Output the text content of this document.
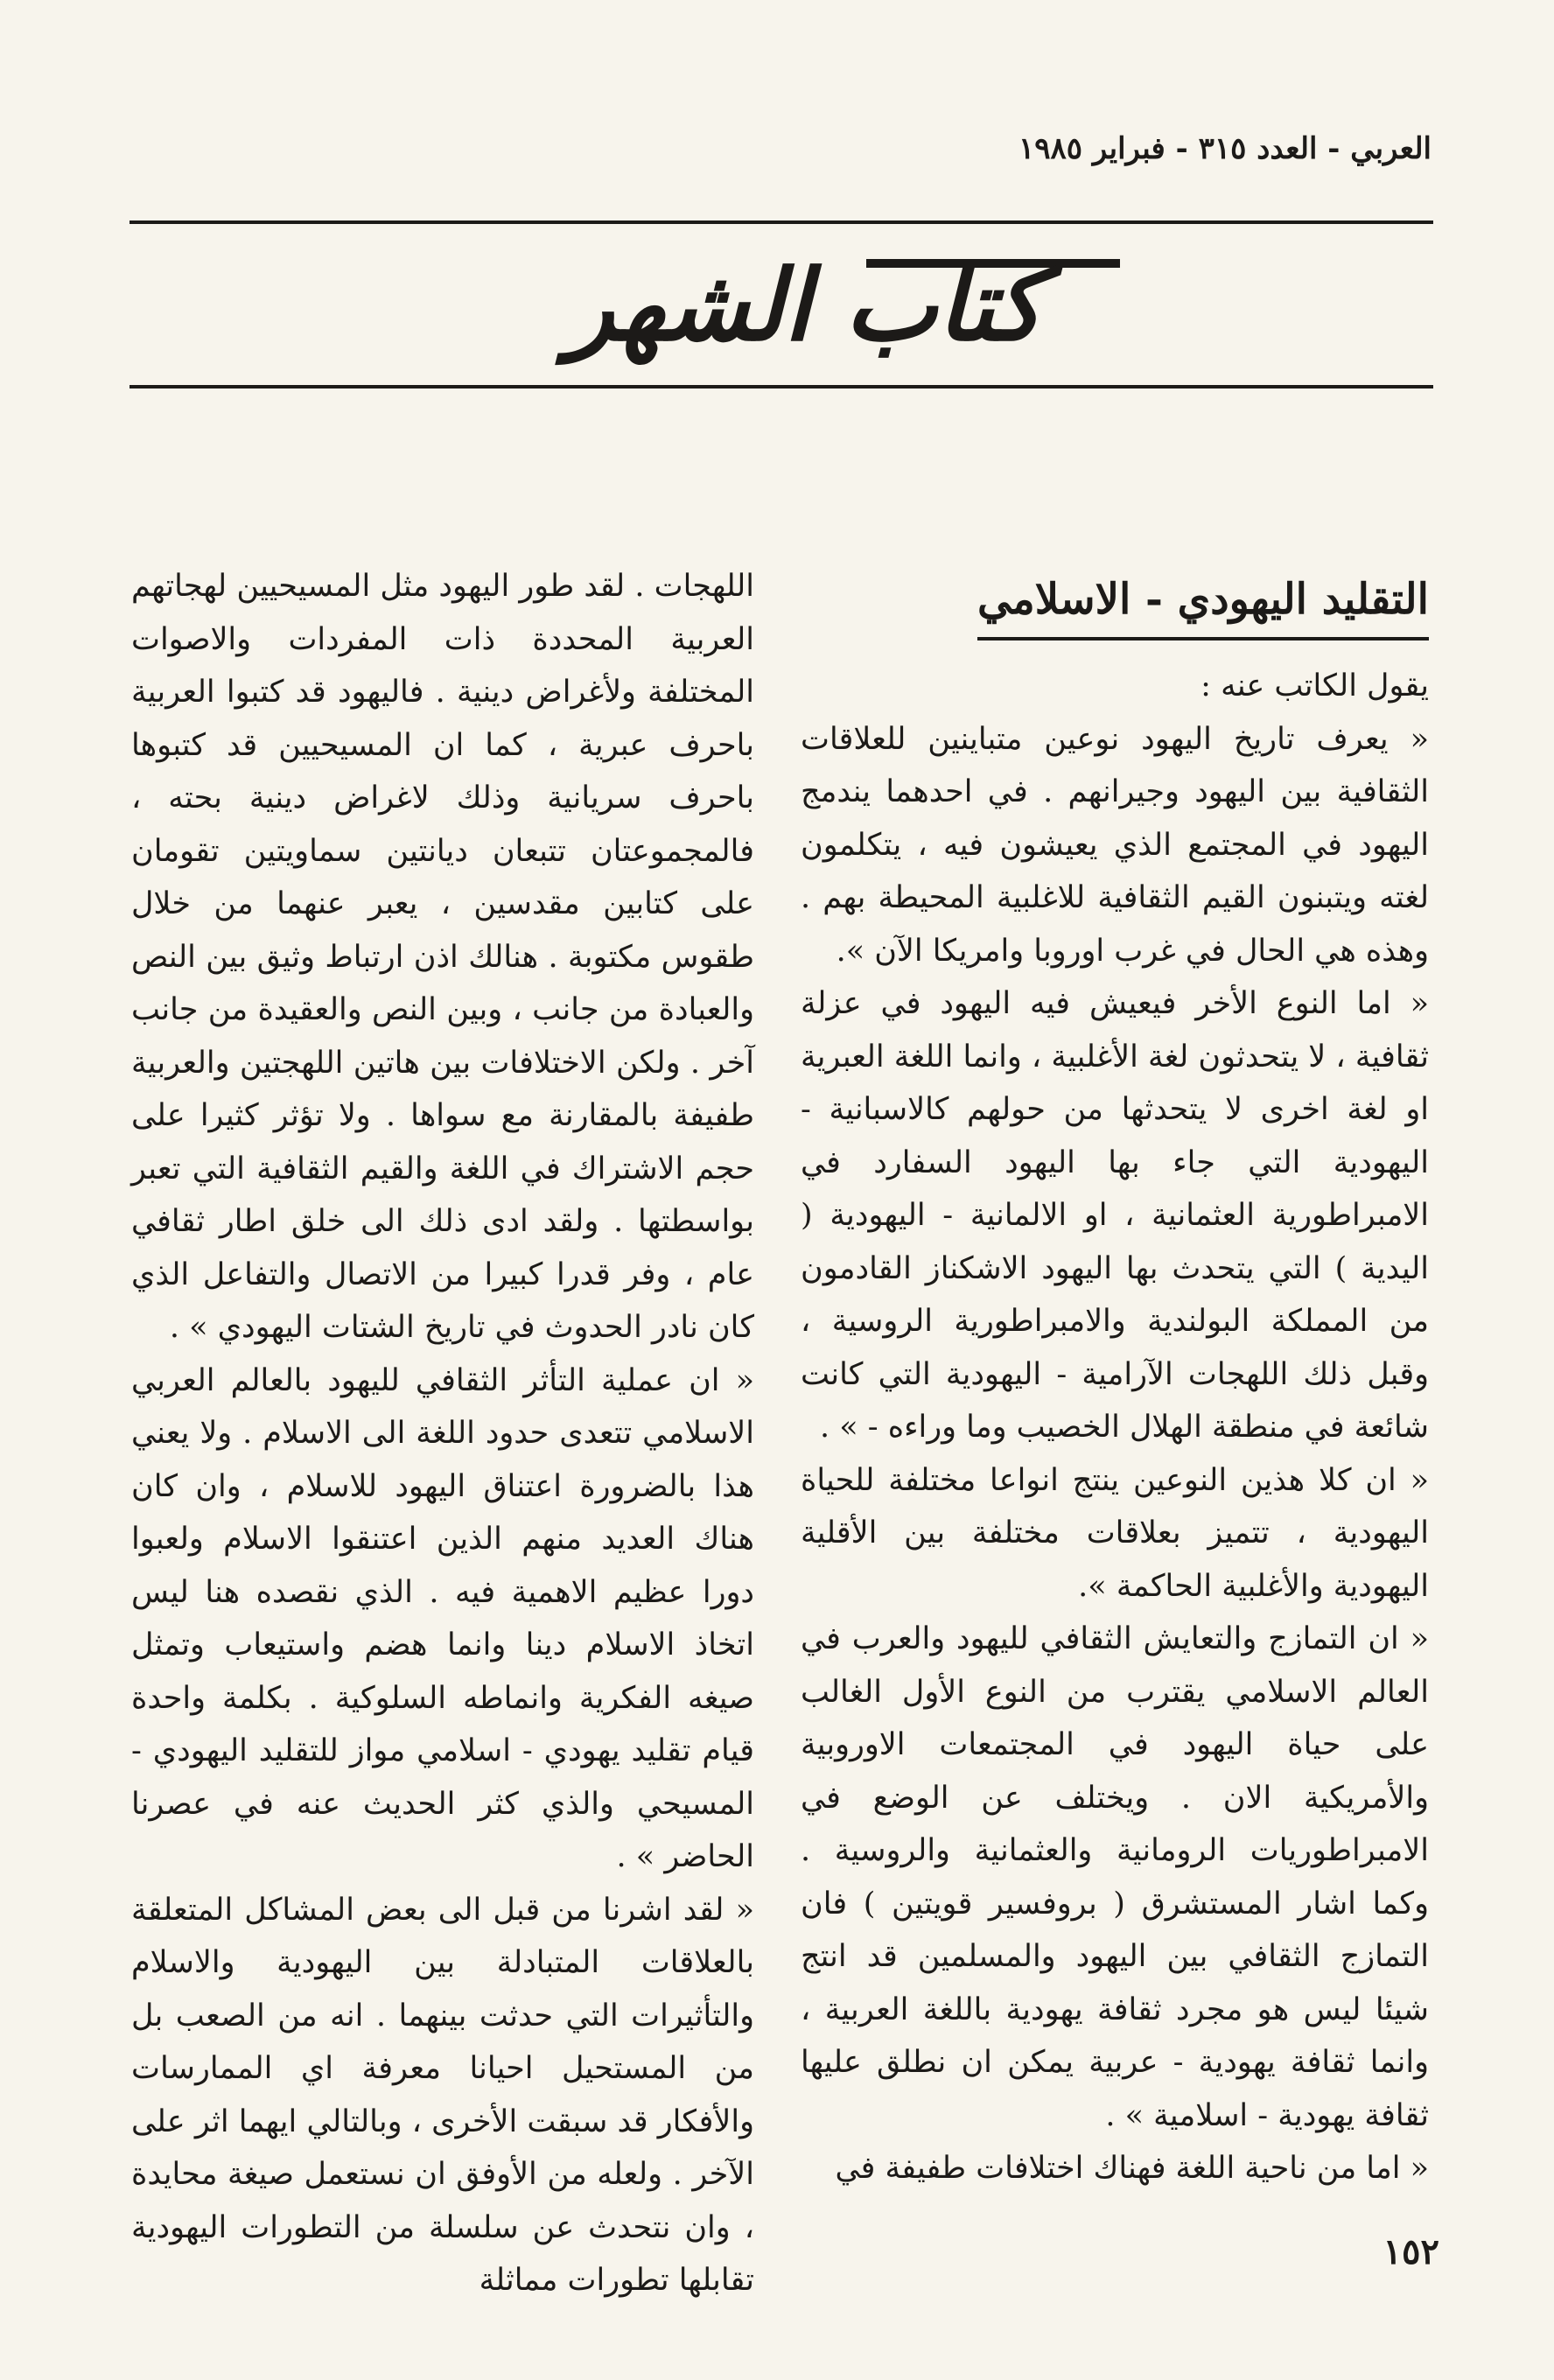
العربي - العدد ٣١٥ - فبراير ١٩٨٥
كتاب الشهر
التقليد اليهودي - الاسلامي

يقول الكاتب عنه :

« يعرف تاريخ اليهود نوعين متباينين للعلاقات الثقافية بين اليهود وجيرانهم . في احدهما يندمج اليهود في المجتمع الذي يعيشون فيه ، يتكلمون لغته ويتبنون القيم الثقافية للاغلبية المحيطة بهم . وهذه هي الحال في غرب اوروبا وامريكا الآن ».

« اما النوع الأخر فيعيش فيه اليهود في عزلة ثقافية ، لا يتحدثون لغة الأغلبية ، وانما اللغة العبرية او لغة اخرى لا يتحدثها من حولهم كالاسبانية - اليهودية التي جاء بها اليهود السفارد في الامبراطورية العثمانية ، او الالمانية - اليهودية ( اليدية ) التي يتحدث بها اليهود الاشكناز القادمون من المملكة البولندية والامبراطورية الروسية ، وقبل ذلك اللهجات الآرامية - اليهودية التي كانت شائعة في منطقة الهلال الخصيب وما وراءه - » .

« ان كلا هذين النوعين ينتج انواعا مختلفة للحياة اليهودية ، تتميز بعلاقات مختلفة بين الأقلية اليهودية والأغلبية الحاكمة ».

« ان التمازج والتعايش الثقافي لليهود والعرب في العالم الاسلامي يقترب من النوع الأول الغالب على حياة اليهود في المجتمعات الاوروبية والأمريكية الان . ويختلف عن الوضع في الامبراطوريات الرومانية والعثمانية والروسية . وكما اشار المستشرق ( بروفسير قويتين ) فان التمازج الثقافي بين اليهود والمسلمين قد انتج شيئا ليس هو مجرد ثقافة يهودية باللغة العربية ، وانما ثقافة يهودية - عربية يمكن ان نطلق عليها ثقافة يهودية - اسلامية » .

« اما من ناحية اللغة فهناك اختلافات طفيفة في

اللهجات . لقد طور اليهود مثل المسيحيين لهجاتهم العربية المحددة ذات المفردات والاصوات المختلفة ولأغراض دينية . فاليهود قد كتبوا العربية باحرف عبرية ، كما ان المسيحيين قد كتبوها باحرف سريانية وذلك لاغراض دينية بحته ، فالمجموعتان تتبعان ديانتين سماويتين تقومان على كتابين مقدسين ، يعبر عنهما من خلال طقوس مكتوبة . هنالك اذن ارتباط وثيق بين النص والعبادة من جانب ، وبين النص والعقيدة من جانب آخر . ولكن الاختلافات بين هاتين اللهجتين والعربية طفيفة بالمقارنة مع سواها . ولا تؤثر كثيرا على حجم الاشتراك في اللغة والقيم الثقافية التي تعبر بواسطتها . ولقد ادى ذلك الى خلق اطار ثقافي عام ، وفر قدرا كبيرا من الاتصال والتفاعل الذي كان نادر الحدوث في تاريخ الشتات اليهودي » .

« ان عملية التأثر الثقافي لليهود بالعالم العربي الاسلامي تتعدى حدود اللغة الى الاسلام . ولا يعني هذا بالضرورة اعتناق اليهود للاسلام ، وان كان هناك العديد منهم الذين اعتنقوا الاسلام ولعبوا دورا عظيم الاهمية فيه . الذي نقصده هنا ليس اتخاذ الاسلام دينا وانما هضم واستيعاب وتمثل صيغه الفكرية وانماطه السلوكية . بكلمة واحدة قيام تقليد يهودي - اسلامي مواز للتقليد اليهودي - المسيحي والذي كثر الحديث عنه في عصرنا الحاضر » .

« لقد اشرنا من قبل الى بعض المشاكل المتعلقة بالعلاقات المتبادلة بين اليهودية والاسلام والتأثيرات التي حدثت بينهما . انه من الصعب بل من المستحيل احيانا معرفة اي الممارسات والأفكار قد سبقت الأخرى ، وبالتالي ايهما اثر على الآخر . ولعله من الأوفق ان نستعمل صيغة محايدة ، وان نتحدث عن سلسلة من التطورات اليهودية تقابلها تطورات مماثلة

١٥٢
